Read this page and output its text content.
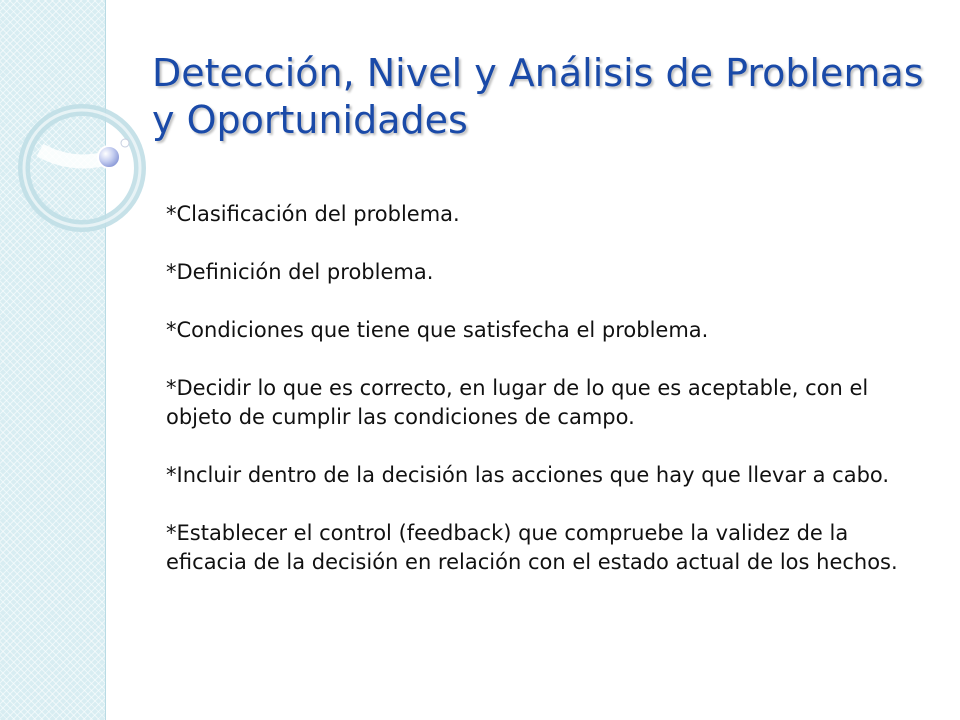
Detección, Nivel y Análisis de Problemas
y Oportunidades

*Clasificación del problema.

*Definición del problema.

*Condiciones que tiene que satisfecha el problema.

*Decidir lo que es correcto, en lugar de lo que es aceptable, con el
objeto de cumplir las condiciones de campo.

*Incluir dentro de la decisión las acciones que hay que llevar a cabo.

*Establecer el control (feedback) que compruebe la validez de la
eficacia de la decisión en relación con el estado actual de los hechos.
